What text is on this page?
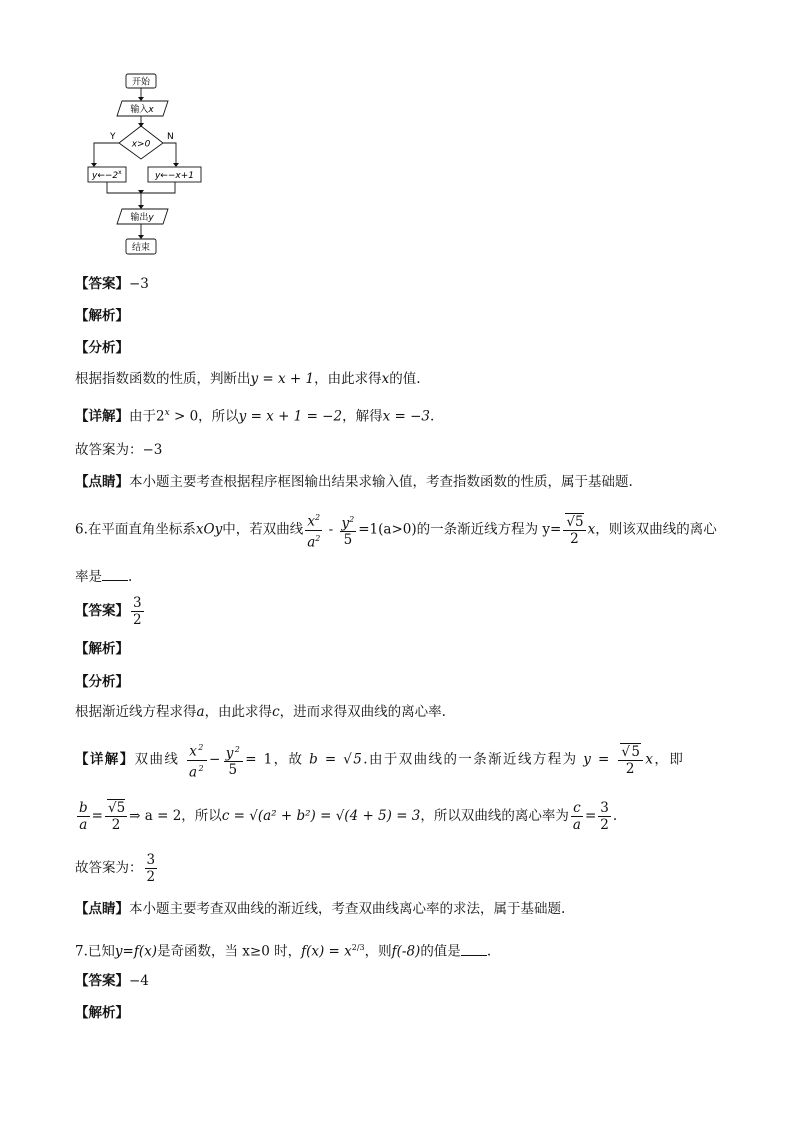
开始
输入x
x>0
Y	N
$y\leftarrow-2^x$	y←−x+1
输出y
结束
【答案】−3
【解析】
【分析】
根据指数函数的性质，判断出y = x + 1，由此求得x的值.
【详解】由于$2^x > 0$，所以y = x + 1 = −2，解得x = −3.
故答案为：−3
【点睛】本小题主要考查根据程序框图输出结果求输入值，考查指数函数的性质，属于基础题.
6.在平面直角坐标系xOy中，若双曲线 $\frac{x^2}{a^2} - \frac{y^2}{5} =1(a>0)$的一条渐近线方程为 $y= \frac{√5}{2}$ x，则该双曲线的离心
率是 .
【答案】 $\frac{3}{2}$
【解析】
【分析】
根据渐近线方程求得a，由此求得c，进而求得双曲线的离心率.
【详解】双曲线 $\frac{x^2}{a^2} - \frac{y^2}{5} = 1$，故 b = √5.由于双曲线的一条渐近线方程为 $y = \frac{√5}{2}$ x，即
$\frac{b}{a} = \frac{√5}{2}$ ⇒ a = 2，所以c = √(a² + b²) = √(4 + 5) = 3，所以双曲线的离心率为 $\frac{c}{a} = \frac{3}{2}$ .
故答案为： $\frac{3}{2}$
【点睛】本小题主要考查双曲线的渐近线，考查双曲线离心率的求法，属于基础题.
7.已知y=f(x)是奇函数，当 x≥0 时，$f(x) = x^{2/3}$，则f(-8)的值是 .
【答案】−4
【解析】
